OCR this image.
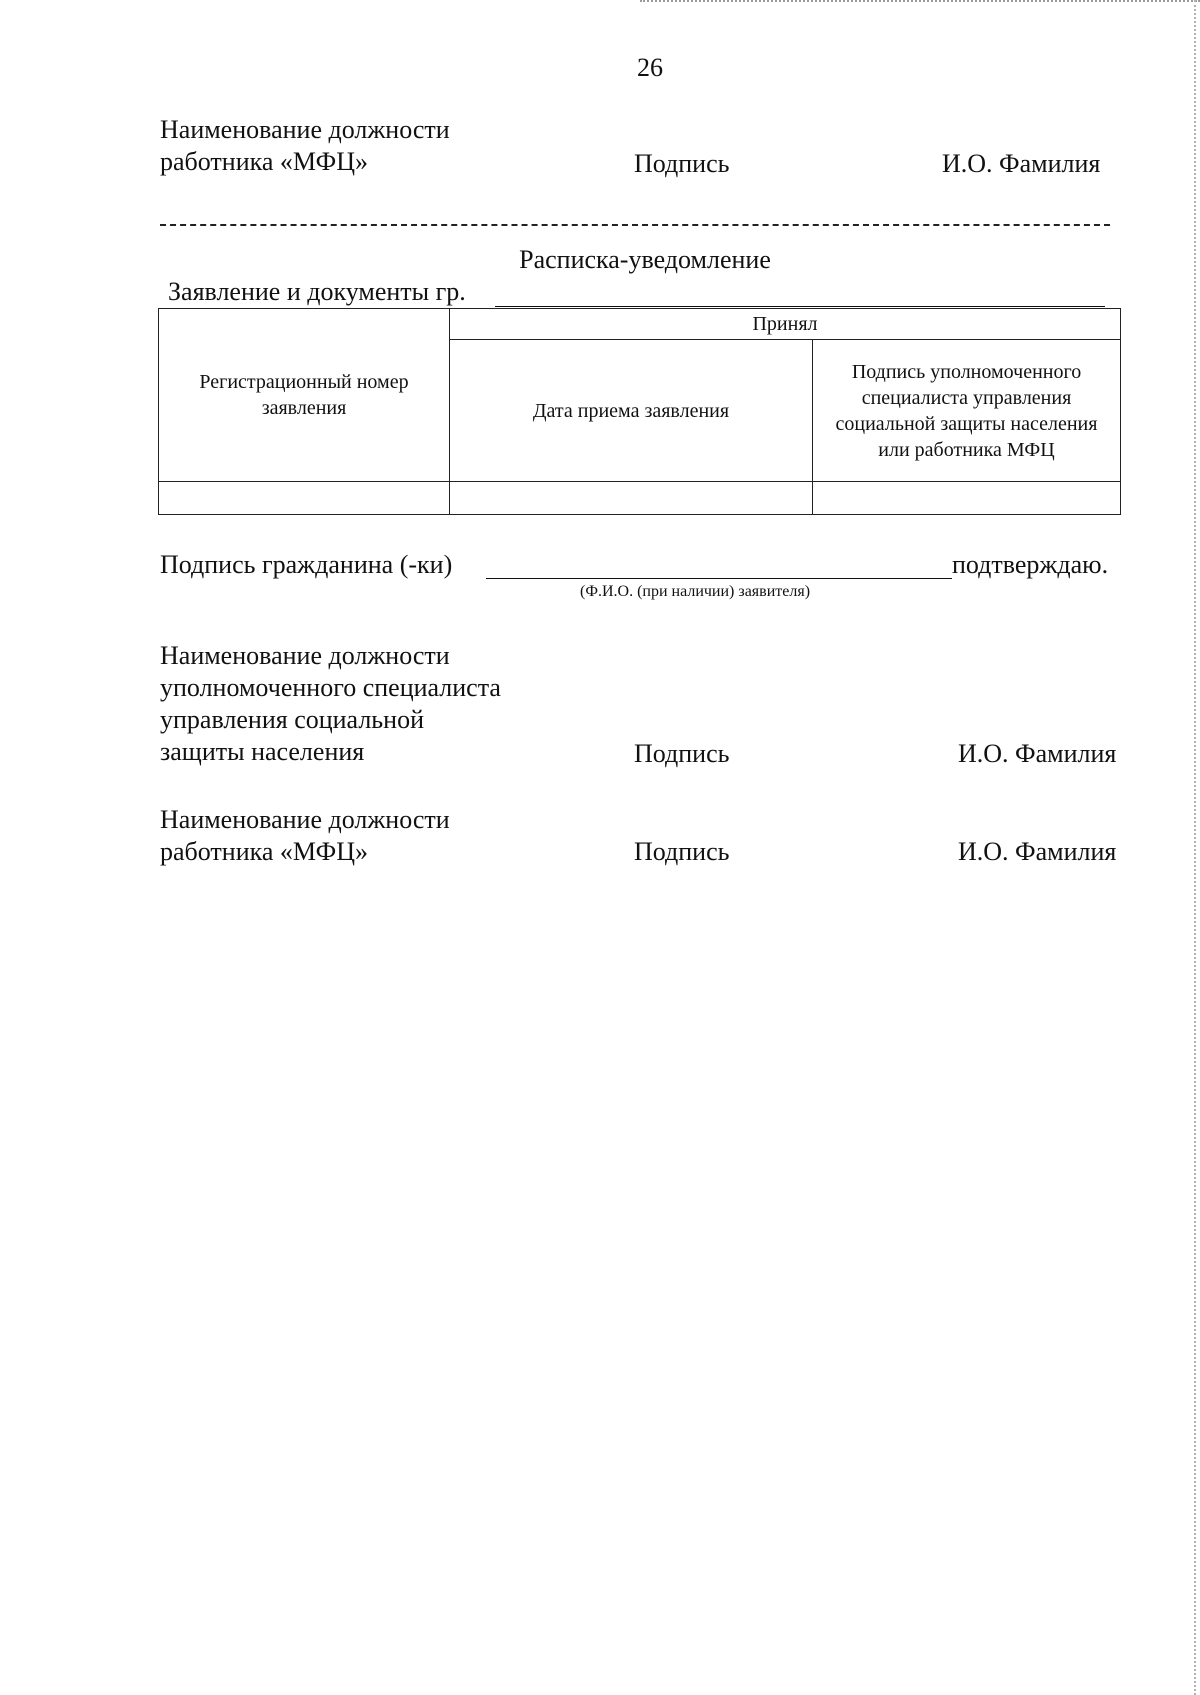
26
Наименование должности
работника «МФЦ»	Подпись	И.О. Фамилия
Расписка-уведомление
Заявление и документы гр.
Регистрационный номер заявления	Принял	
	Дата приема заявления	Подпись уполномоченного специалиста управления социальной защиты населения или работника МФЦ

Подпись гражданина (-ки)	подтверждаю.
(Ф.И.О. (при наличии) заявителя)
Наименование должности
уполномоченного специалиста
управления социальной
защиты населения	Подпись	И.О. Фамилия
Наименование должности
работника «МФЦ»	Подпись	И.О. Фамилия
